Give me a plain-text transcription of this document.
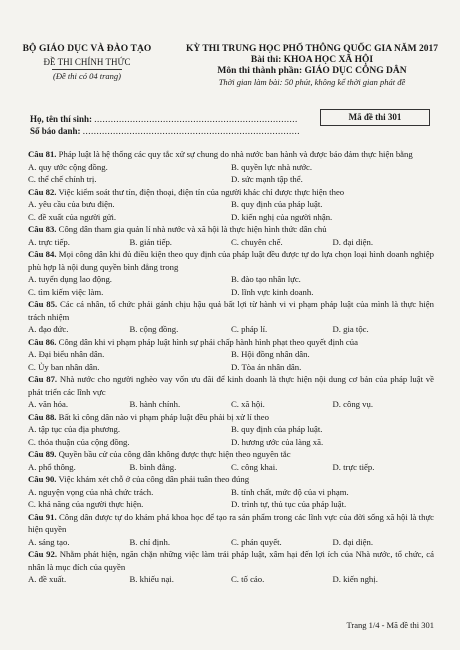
BỘ GIÁO DỤC VÀ ĐÀO TẠO
ĐỀ THI CHÍNH THỨC
(Đề thi có 04 trang)
KỲ THI TRUNG HỌC PHỔ THÔNG QUỐC GIA NĂM 2017
Bài thi: KHOA HỌC XÃ HỘI
Môn thi thành phần: GIÁO DỤC CÔNG DÂN
Thời gian làm bài: 50 phút, không kể thời gian phát đề
Họ, tên thí sinh: ..........................................................................
Số báo danh: ...............................................................................
Mã đề thi 301
Câu 81. Pháp luật là hệ thống các quy tắc xử sự chung do nhà nước ban hành và được bảo đảm thực hiện bằng
A. quy ước cộng đồng.	B. quyền lực nhà nước.
C. thể chế chính trị.	D. sức mạnh tập thể.
Câu 82. Việc kiểm soát thư tín, điện thoại, điện tín của người khác chỉ được thực hiện theo
A. yêu cầu của bưu điện.	B. quy định của pháp luật.
C. đề xuất của người gửi.	D. kiến nghị của người nhận.
Câu 83. Công dân tham gia quản lí nhà nước và xã hội là thực hiện hình thức dân chủ
A. trực tiếp.	B. gián tiếp.	C. chuyên chế.	D. đại diện.
Câu 84. Mọi công dân khi đủ điều kiện theo quy định của pháp luật đều được tự do lựa chọn loại hình doanh nghiệp phù hợp là nội dung quyền bình đẳng trong
A. tuyển dụng lao động.	B. đào tạo nhân lực.
C. tìm kiếm việc làm.	D. lĩnh vực kinh doanh.
Câu 85. Các cá nhân, tổ chức phải gánh chịu hậu quả bất lợi từ hành vi vi phạm pháp luật của mình là thực hiện trách nhiệm
A. đạo đức.	B. cộng đồng.	C. pháp lí.	D. gia tộc.
Câu 86. Công dân khi vi phạm pháp luật hình sự phải chấp hành hình phạt theo quyết định của
A. Đại biểu nhân dân.	B. Hội đồng nhân dân.
C. Ủy ban nhân dân.	D. Tòa án nhân dân.
Câu 87. Nhà nước cho người nghèo vay vốn ưu đãi để kinh doanh là thực hiện nội dung cơ bản của pháp luật về phát triển các lĩnh vực
A. văn hóa.	B. hành chính.	C. xã hội.	D. công vụ.
Câu 88. Bất kì công dân nào vi phạm pháp luật đều phải bị xử lí theo
A. tập tục của địa phương.	B. quy định của pháp luật.
C. thỏa thuận của cộng đồng.	D. hương ước của làng xã.
Câu 89. Quyền bầu cử của công dân không được thực hiện theo nguyên tắc
A. phổ thông.	B. bình đẳng.	C. công khai.	D. trực tiếp.
Câu 90. Việc khám xét chỗ ở của công dân phải tuân theo đúng
A. nguyện vọng của nhà chức trách.	B. tính chất, mức độ của vi phạm.
C. khả năng của người thực hiện.	D. trình tự, thủ tục của pháp luật.
Câu 91. Công dân được tự do khám phá khoa học để tạo ra sản phẩm trong các lĩnh vực của đời sống xã hội là thực hiện quyền
A. sáng tạo.	B. chỉ định.	C. phán quyết.	D. đại diện.
Câu 92. Nhằm phát hiện, ngăn chặn những việc làm trái pháp luật, xâm hại đến lợi ích của Nhà nước, tổ chức, cá nhân là mục đích của quyền
A. đề xuất.	B. khiếu nại.	C. tố cáo.	D. kiến nghị.
Trang 1/4 - Mã đề thi 301
